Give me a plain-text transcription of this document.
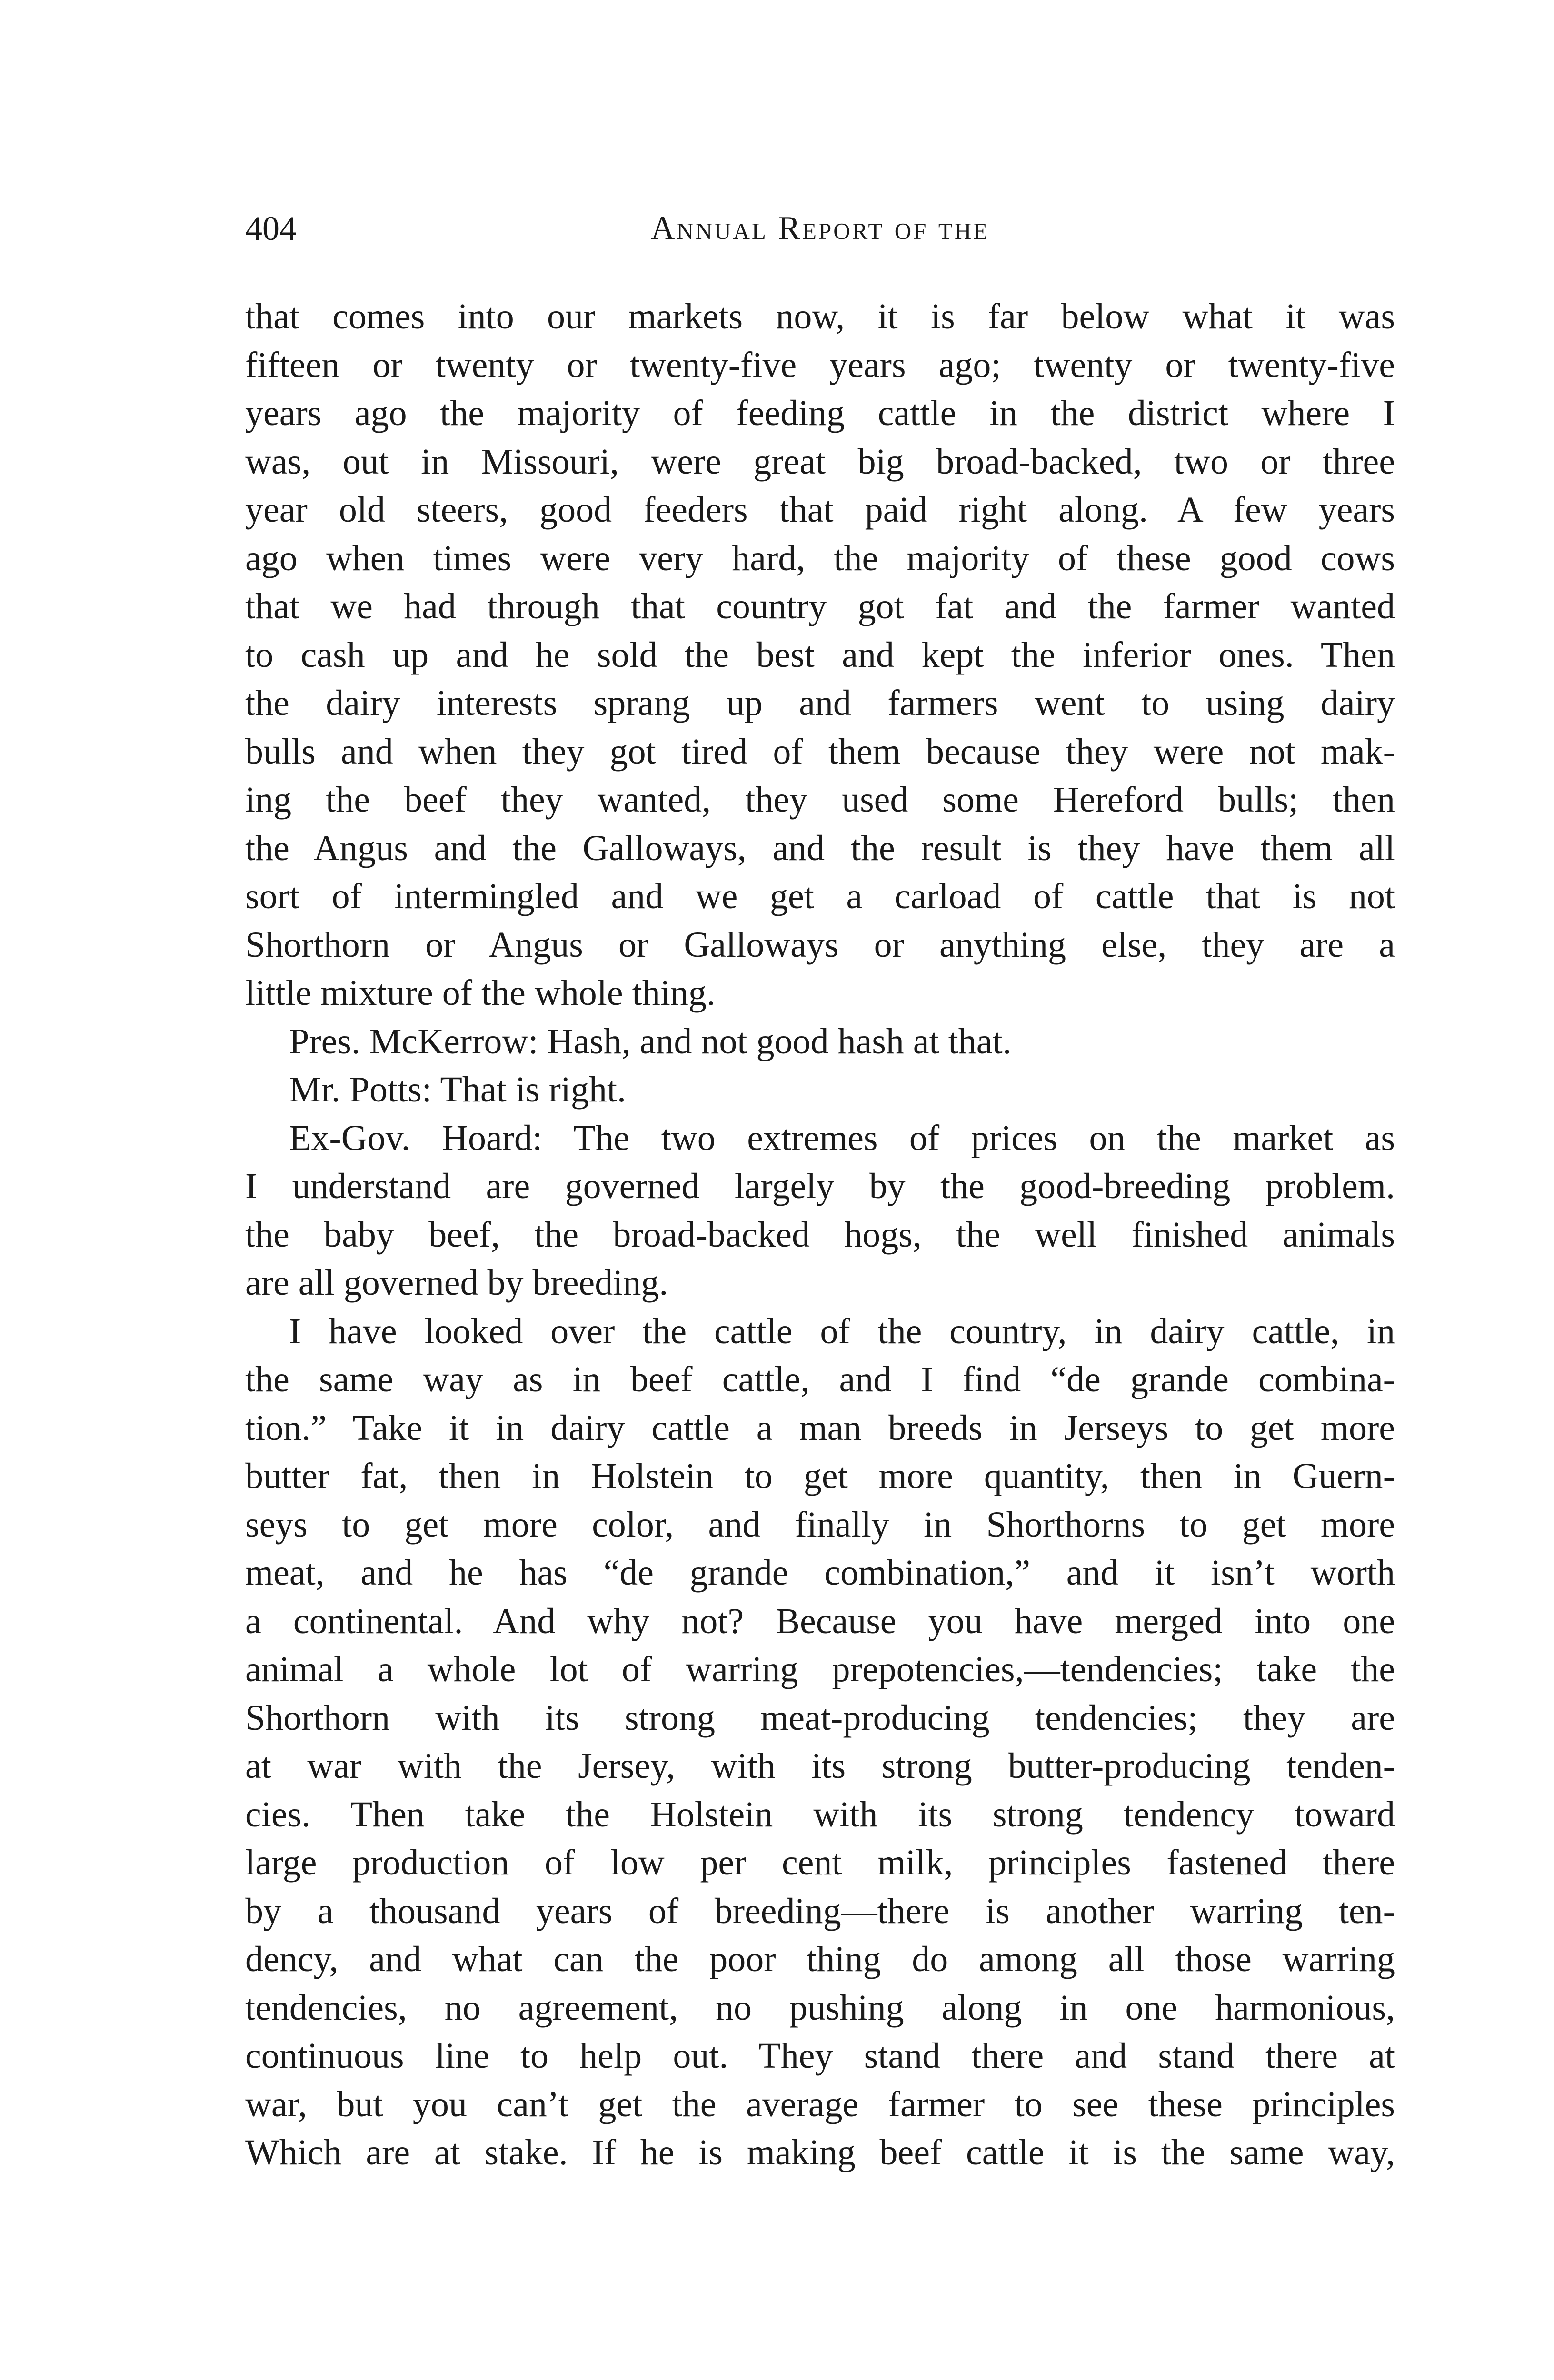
404	Annual Report of the
that comes into our markets now, it is far below what it was
fifteen or twenty or twenty-five years ago; twenty or twenty-five
years ago the majority of feeding cattle in the district where I
was, out in Missouri, were great big broad-backed, two or three
year old steers, good feeders that paid right along. A few years
ago when times were very hard, the majority of these good cows
that we had through that country got fat and the farmer wanted
to cash up and he sold the best and kept the inferior ones. Then
the dairy interests sprang up and farmers went to using dairy
bulls and when they got tired of them because they were not mak-
ing the beef they wanted, they used some Hereford bulls; then
the Angus and the Galloways, and the result is they have them all
sort of intermingled and we get a carload of cattle that is not
Shorthorn or Angus or Galloways or anything else, they are a
little mixture of the whole thing.
Pres. McKerrow: Hash, and not good hash at that.
Mr. Potts: That is right.
Ex-Gov. Hoard: The two extremes of prices on the market as
I understand are governed largely by the good-breeding problem.
the baby beef, the broad-backed hogs, the well finished animals
are all governed by breeding.
I have looked over the cattle of the country, in dairy cattle, in
the same way as in beef cattle, and I find “de grande combina-
tion.” Take it in dairy cattle a man breeds in Jerseys to get more
butter fat, then in Holstein to get more quantity, then in Guern-
seys to get more color, and finally in Shorthorns to get more
meat, and he has “de grande combination,” and it isn’t worth
a continental. And why not? Because you have merged into one
animal a whole lot of warring prepotencies,—tendencies; take the
Shorthorn with its strong meat-producing tendencies; they are
at war with the Jersey, with its strong butter-producing tenden-
cies. Then take the Holstein with its strong tendency toward
large production of low per cent milk, principles fastened there
by a thousand years of breeding—there is another warring ten-
dency, and what can the poor thing do among all those warring
tendencies, no agreement, no pushing along in one harmonious,
continuous line to help out. They stand there and stand there at
war, but you can’t get the average farmer to see these principles
Which are at stake. If he is making beef cattle it is the same way,
